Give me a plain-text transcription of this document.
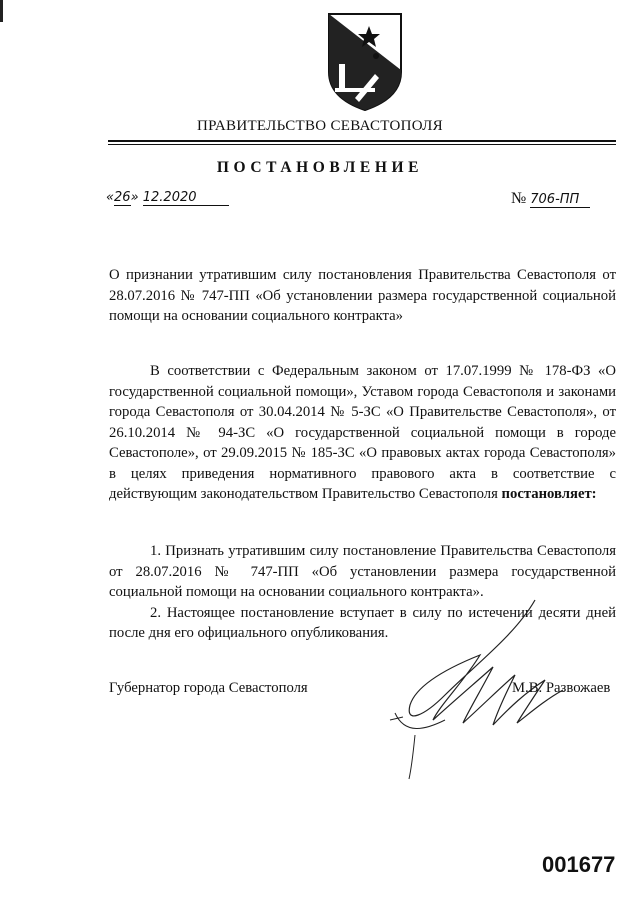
ПРАВИТЕЛЬСТВО СЕВАСТОПОЛЯ
ПОСТАНОВЛЕНИЕ
«26» 12.2020	№ 706-ПП

О признании утратившим силу постановления Правительства Севастополя от 28.07.2016 № 747-ПП «Об установлении размера государственной социальной помощи на основании социального контракта»

В соответствии с Федеральным законом от 17.07.1999 № 178-ФЗ «О государственной социальной помощи», Уставом города Севастополя и законами города Севастополя от 30.04.2014 № 5-ЗС «О Правительстве Севастополя», от 26.10.2014 № 94-ЗС «О государственной социальной помощи в городе Севастополе», от 29.09.2015 № 185-ЗС «О правовых актах города Севастополя» в целях приведения нормативного правового акта в соответствие с действующим законодательством Правительство Севастополя постановляет:

1. Признать утратившим силу постановление Правительства Севастополя от 28.07.2016 № 747-ПП «Об установлении размера государственной социальной помощи на основании социального контракта».

2. Настоящее постановление вступает в силу по истечении десяти дней после дня его официального опубликования.

Губернатор города Севастополя	М.В. Развожаев
001677
